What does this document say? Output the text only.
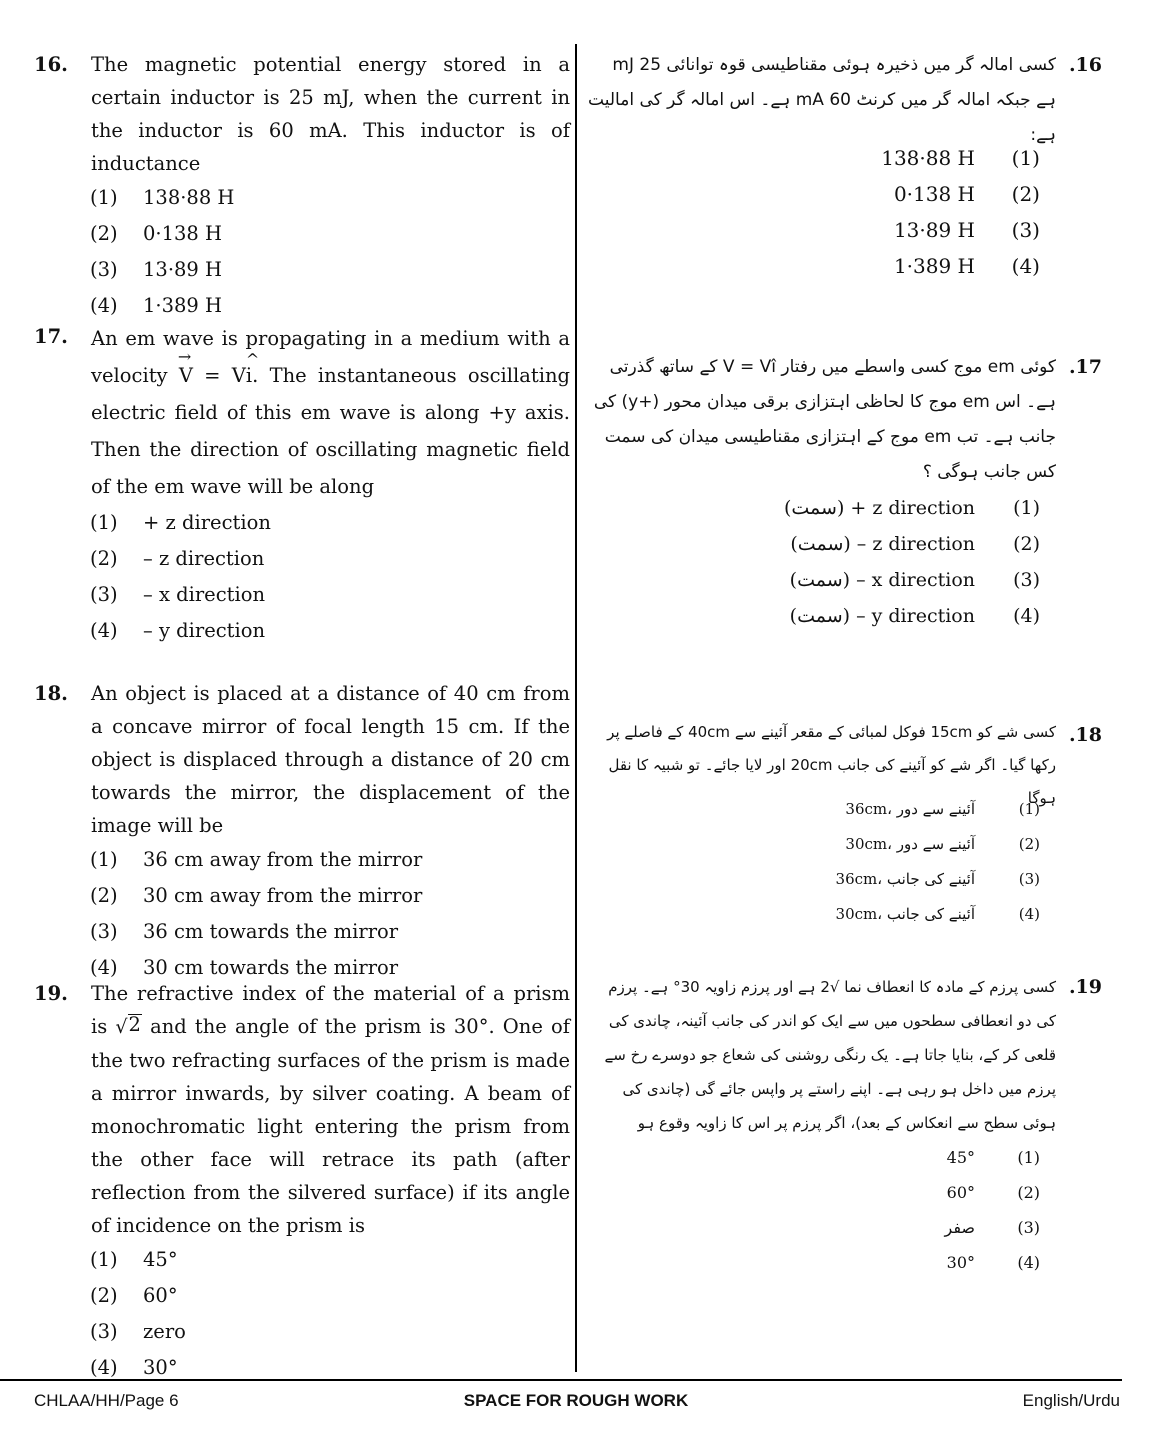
16. The magnetic potential energy stored in a certain inductor is 25 mJ, when the current in the inductor is 60 mA. This inductor is of inductance
(1)	138·88 H
(2)	0·138 H
(3)	13·89 H
(4)	1·389 H
17. An em wave is propagating in a medium with a velocity → V = V^ i. The instantaneous oscillating electric field of this em wave is along +y axis. Then the direction of oscillating magnetic field of the em wave will be along
(1)	+ z direction
(2)	– z direction
(3)	– x direction
(4)	– y direction
18. An object is placed at a distance of 40 cm from a concave mirror of focal length 15 cm. If the object is displaced through a distance of 20 cm towards the mirror, the displacement of the image will be
(1)	36 cm away from the mirror
(2)	30 cm away from the mirror
(3)	36 cm towards the mirror
(4)	30 cm towards the mirror
19. The refractive index of the material of a prism is √ 2 and the angle of the prism is 30°. One of the two refracting surfaces of the prism is made a mirror inwards, by silver coating. A beam of monochromatic light entering the prism from the other face will retrace its path (after reflection from the silvered surface) if its angle of incidence on the prism is
(1)	45°
(2)	60°
(3)	zero
(4)	30°
.16
کسی امالہ گر میں ذخیرہ ہوئی مقناطیسی قوہ توانائی 25 mJ ہے جبکہ امالہ گر میں کرنٹ 60 mA ہے۔ اس امالہ گر کی امالیت ہے:
138·88 H	(1)
0·138 H	(2)
13·89 H	(3)
1·389 H	(4)
.17
کوئی em موج کسی واسطے میں رفتار V = Vî کے ساتھ گذرتی ہے۔ اس em موج کا لحاظی اہتزازی برقی میدان محور (+y) کی جانب ہے۔ تب em موج کے اہتزازی مقناطیسی میدان کی سمت کس جانب ہوگی ؟
(سمت) + z direction	(1)
(سمت) – z direction	(2)
(سمت) – x direction	(3)
(سمت) – y direction	(4)
.18
کسی شے کو 15cm فوکل لمبائی کے مقعر آئینے سے 40cm کے فاصلے پر رکھا گیا۔ اگر شے کو آئینے کی جانب 20cm اور لایا جائے۔ تو شبیہ کا نقل ہوگا
36cm، آئینے سے دور	(1)
30cm، آئینے سے دور	(2)
36cm، آئینے کی جانب	(3)
30cm، آئینے کی جانب	(4)
.19
کسی پرزم کے مادہ کا انعطاف نما √2 ہے اور پرزم زاویہ 30° ہے۔ پرزم کی دو انعطافی سطحوں میں سے ایک کو اندر کی جانب آئینہ، چاندی کی قلعی کر کے، بنایا جاتا ہے۔ یک رنگی روشنی کی شعاع جو دوسرے رخ سے پرزم میں داخل ہو رہی ہے۔ اپنے راستے پر واپس جائے گی (چاندی کی ہوئی سطح سے انعکاس کے بعد)، اگر پرزم پر اس کا زاویہ وقوع ہو
45°	(1)
60°	(2)
صفر	(3)
30°	(4)
CHLAA/HH/Page 6	SPACE FOR ROUGH WORK	English/Urdu
